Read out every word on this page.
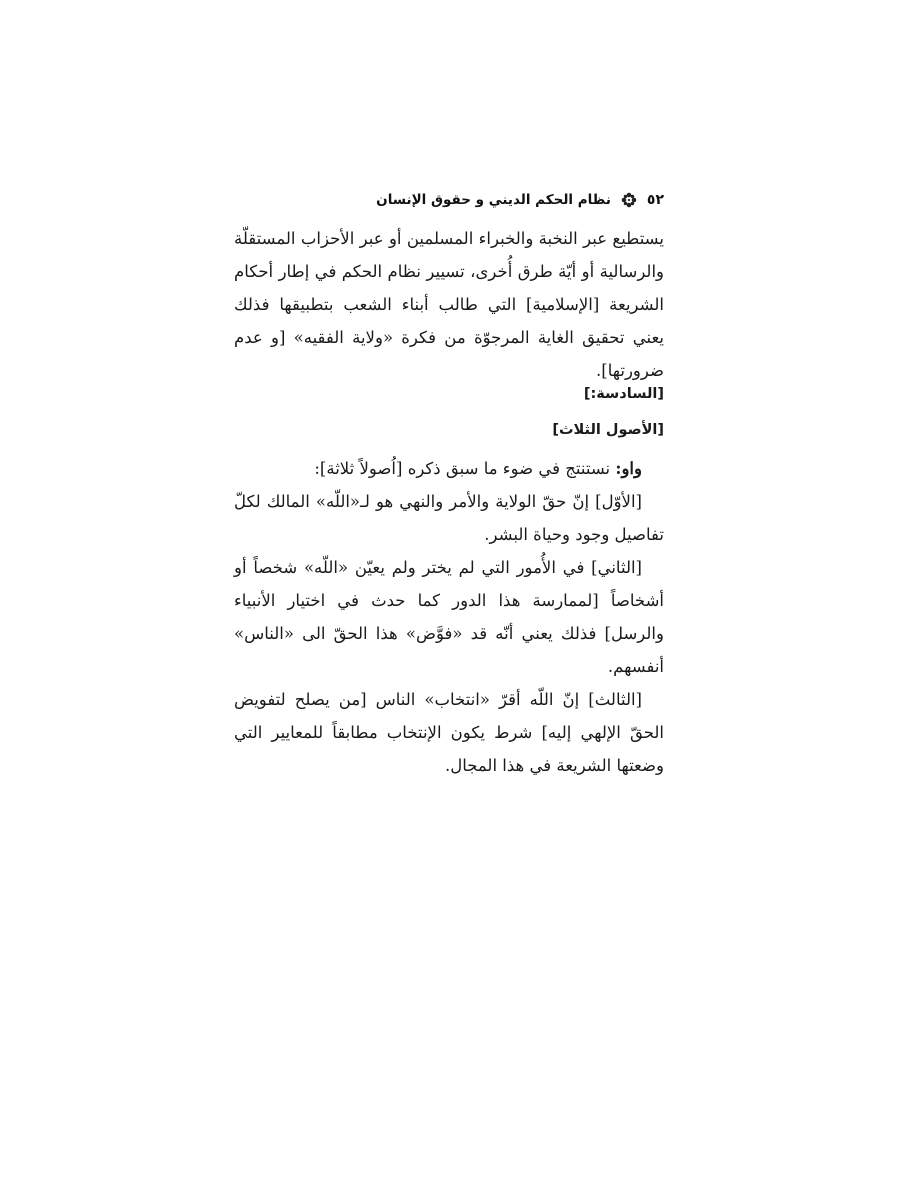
٥٢
نظام الحكم الديني و حقوق الإنسان
يستطيع عبر النخبة والخبراء المسلمين أو عبر الأحزاب المستقلّة والرسالية أو أيّة طرق أُخرى، تسيير نظام الحكم في إطار أحكام الشريعة [الإسلامية] التي طالب أبناء الشعب بتطبيقها فذلك يعني تحقيق الغاية المرجوّة من فكرة «ولاية الفقيه» [و عدم ضرورتها].
[السادسة:]
[الأصول الثلاث]

واو: نستنتج في ضوء ما سبق ذكره [اُصولاً ثلاثة]:

[الأوّل] إنّ حقّ الولاية والأمر والنهي هو لـ«اللّه» المالك لكلّ تفاصيل وجود وحياة البشر.

[الثاني] في الأُمور التي لم يختر ولم يعيّن «اللّه» شخصاً أو أشخاصاً [لممارسة هذا الدور كما حدث في اختيار الأنبياء والرسل] فذلك يعني أنّه قد «فوَّض» هذا الحقّ الى «الناس» أنفسهم.

[الثالث] إنّ اللّه أقرّ «انتخاب» الناس [من يصلح لتفويض الحقّ الإلهي إليه] شرط يكون الإنتخاب مطابقاً للمعايير التي وضعتها الشريعة في هذا المجال.
